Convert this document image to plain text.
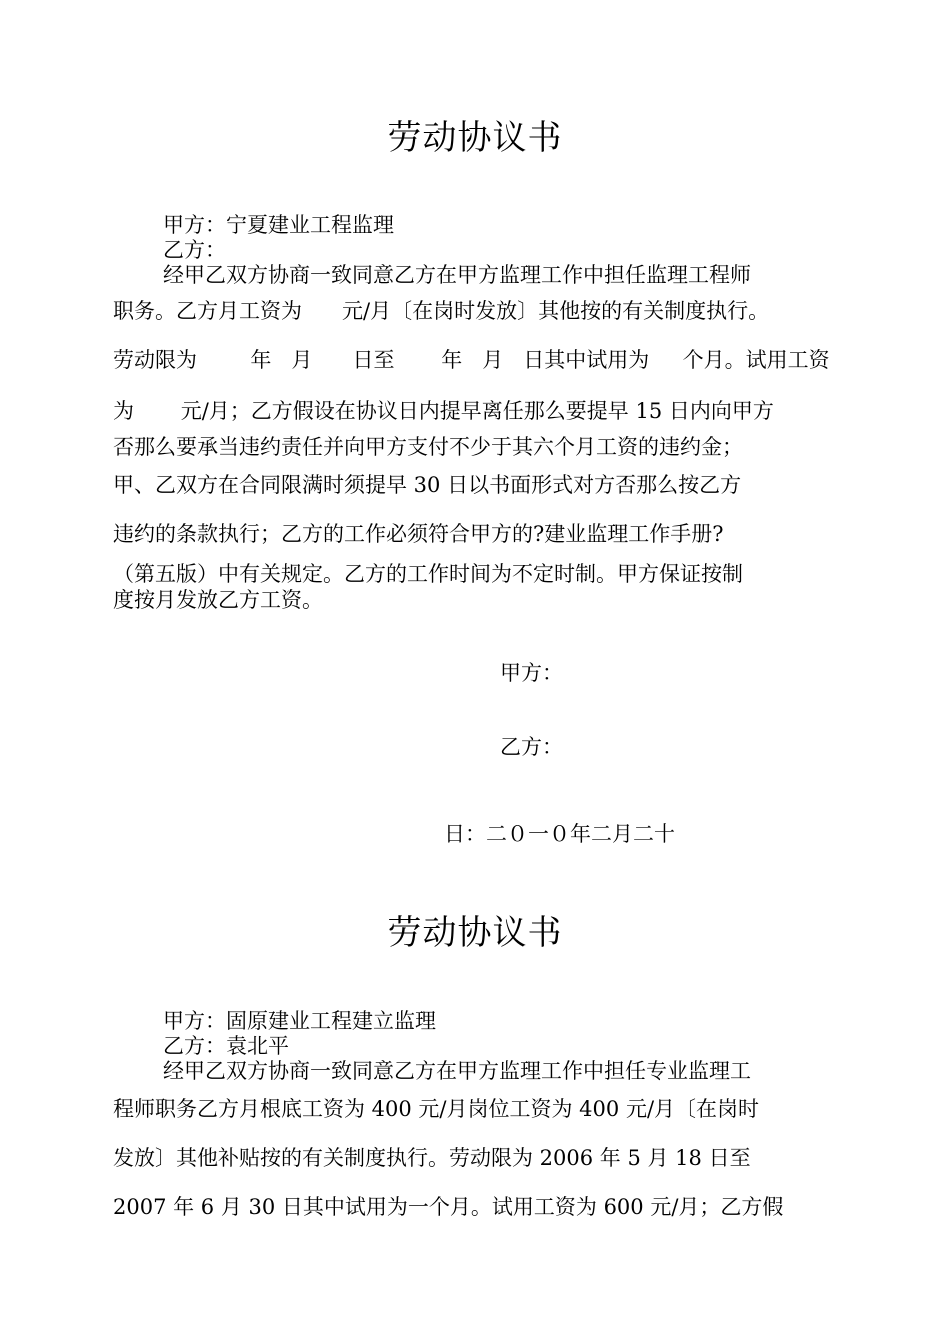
劳动协议书
甲方：宁夏建业工程监理
乙方：
经甲乙双方协商一致同意乙方在甲方监理工作中担任监理工程师
职务。乙方月工资为      元/月〔在岗时发放〕其他按的有关制度执行。
劳动限为        年   月      日至       年   月   日其中试用为     个月。试用工资
为       元/月；乙方假设在协议日内提早离任那么要提早 15 日内向甲方
否那么要承当违约责任并向甲方支付不少于其六个月工资的违约金；
甲、乙双方在合同限满时须提早 30 日以书面形式对方否那么按乙方
违约的条款执行；乙方的工作必须符合甲方的?建业监理工作手册?
（第五版）中有关规定。乙方的工作时间为不定时制。甲方保证按制
度按月发放乙方工资。
甲方：
乙方：
日：二０一０年二月二十
劳动协议书
甲方：固原建业工程建立监理
乙方：袁北平
经甲乙双方协商一致同意乙方在甲方监理工作中担任专业监理工
程师职务乙方月根底工资为 400 元/月岗位工资为 400 元/月〔在岗时
发放〕其他补贴按的有关制度执行。劳动限为 2006 年 5 月 18 日至
2007 年 6 月 30 日其中试用为一个月。试用工资为 600 元/月；乙方假
